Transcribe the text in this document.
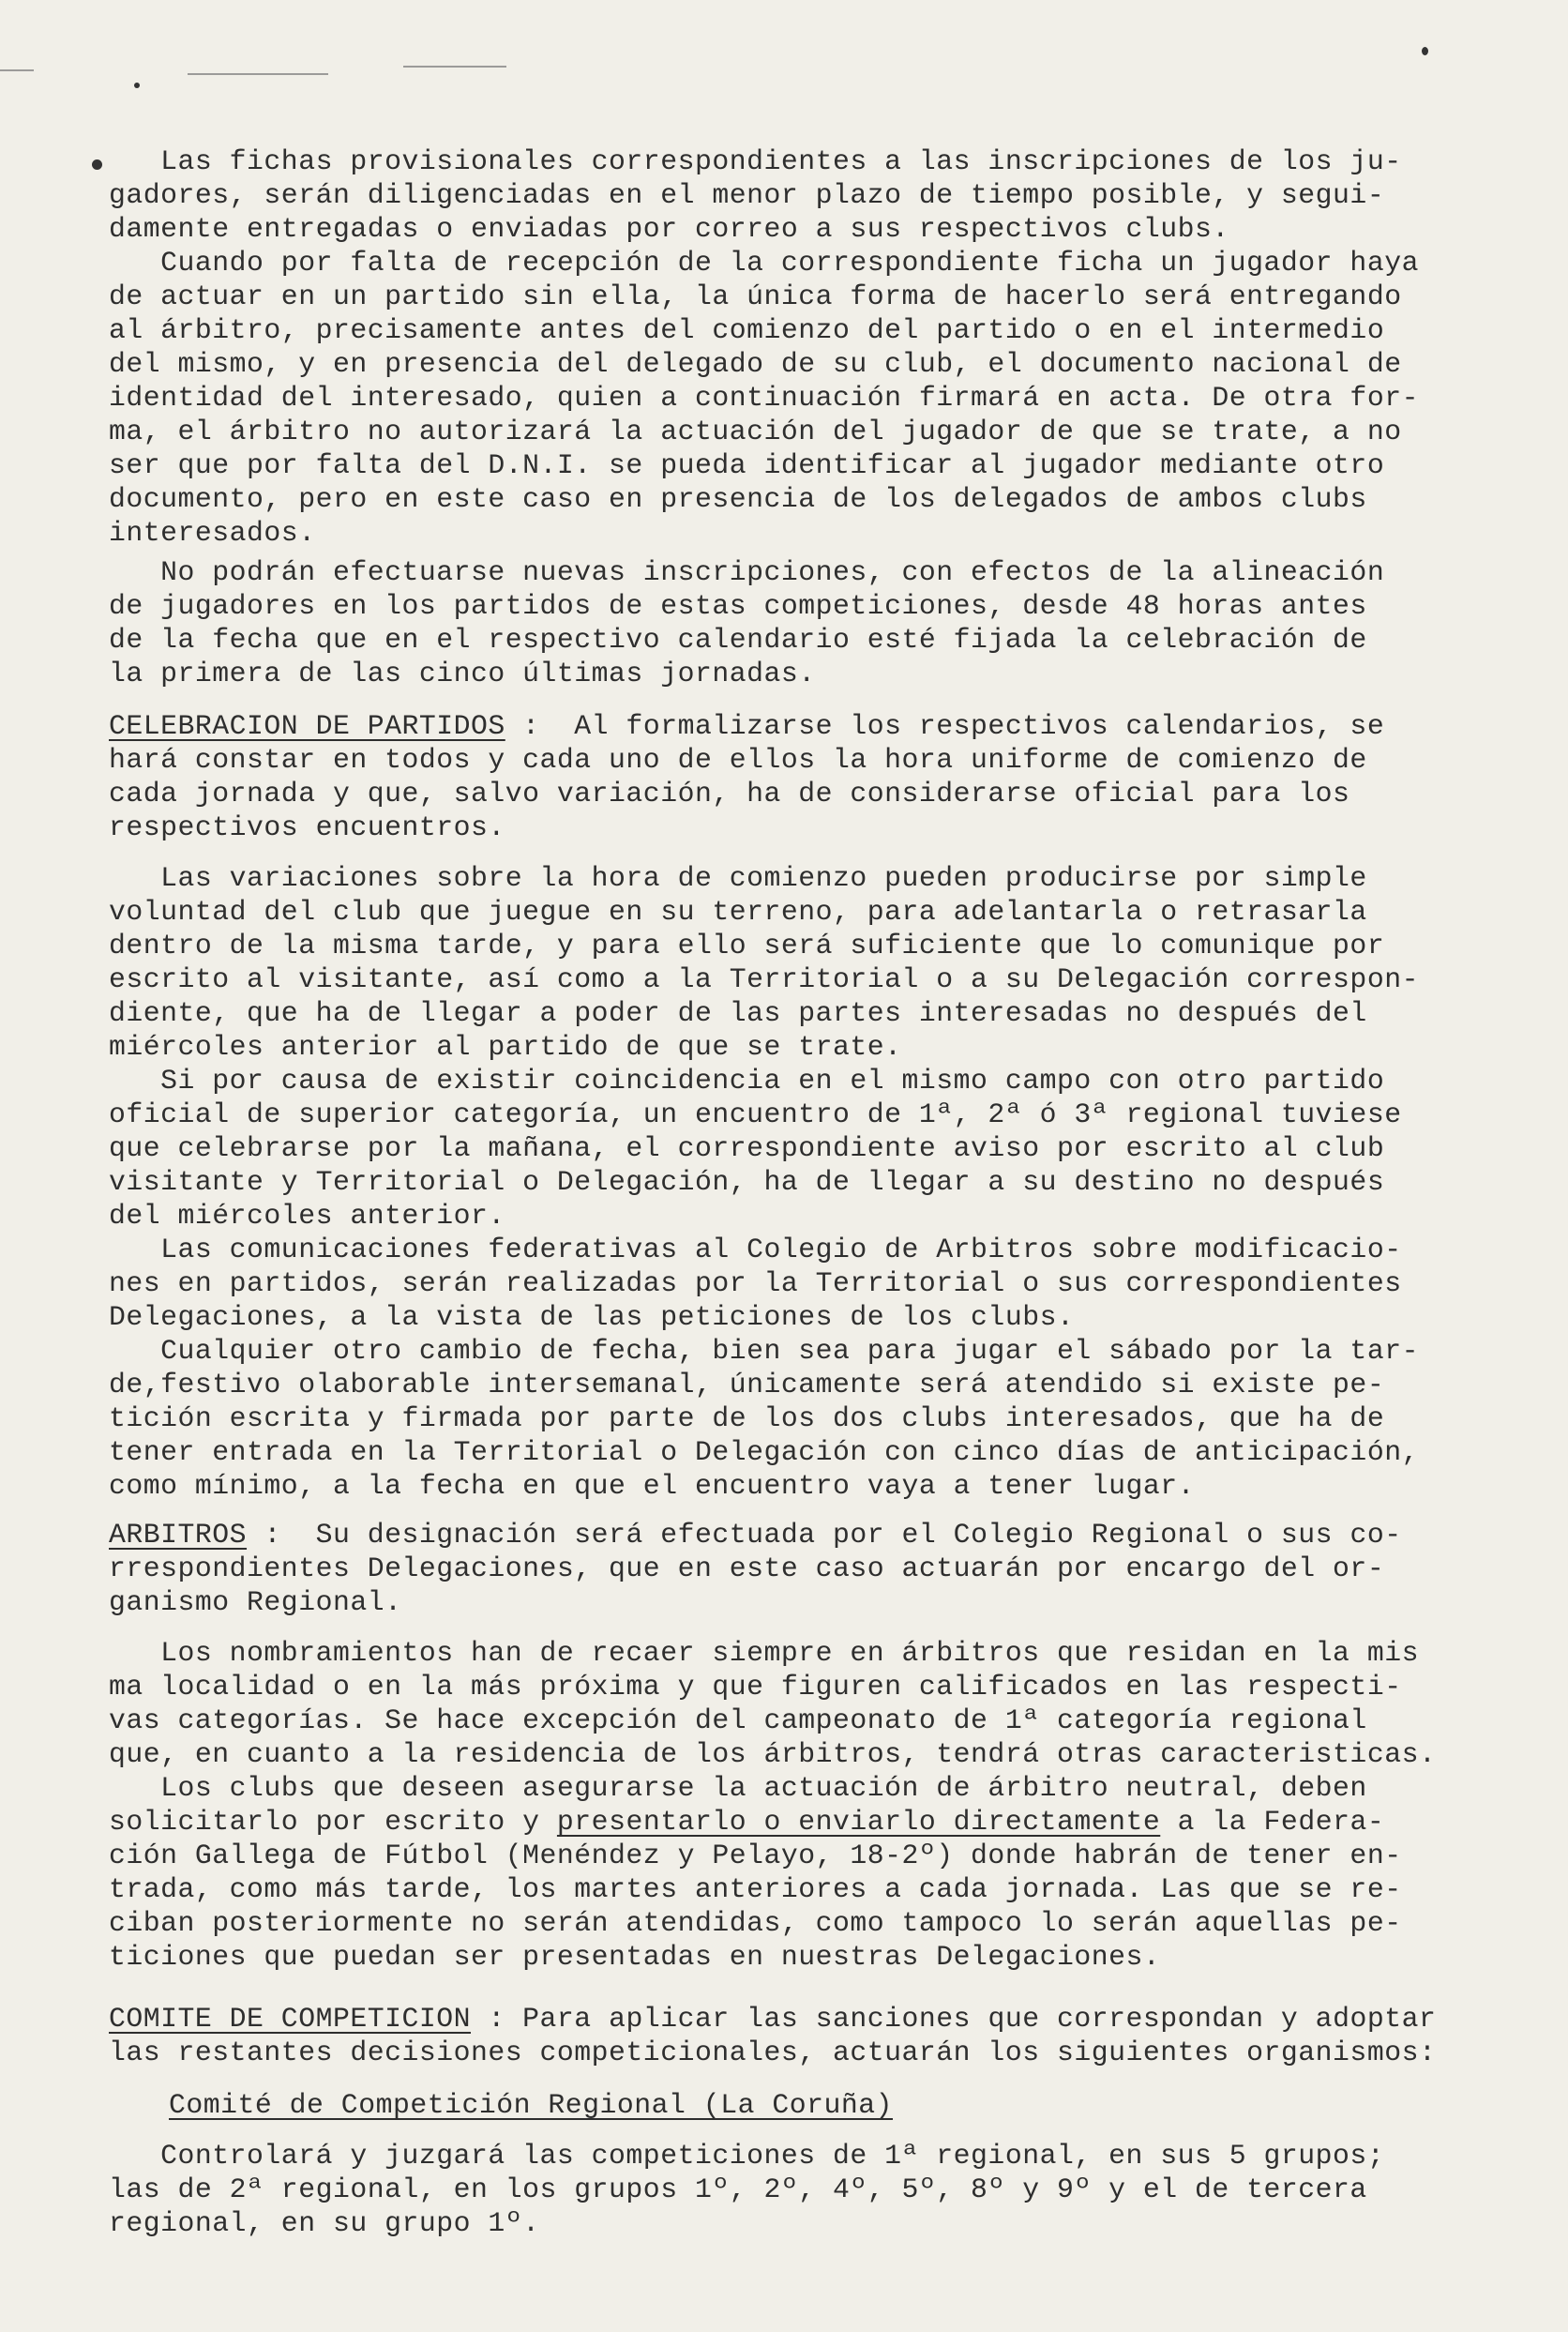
Las fichas provisionales correspondientes a las inscripciones de los ju-
gadores, serán diligenciadas en el menor plazo de tiempo posible, y segui-
damente entregadas o enviadas por correo a sus respectivos clubs.
Cuando por falta de recepción de la correspondiente ficha un jugador haya
de actuar en un partido sin ella, la única forma de hacerlo será entregando
al árbitro, precisamente antes del comienzo del partido o en el intermedio
del mismo, y en presencia del delegado de su club, el documento nacional de
identidad del interesado, quien a continuación firmará en acta. De otra for-
ma, el árbitro no autorizará la actuación del jugador de que se trate, a no
ser que por falta del D.N.I. se pueda identificar al jugador mediante otro
documento, pero en este caso en presencia de los delegados de ambos clubs
interesados.
No podrán efectuarse nuevas inscripciones, con efectos de la alineación
de jugadores en los partidos de estas competiciones, desde 48 horas antes
de la fecha que en el respectivo calendario esté fijada la celebración de
la primera de las cinco últimas jornadas.
CELEBRACION DE PARTIDOS :  Al formalizarse los respectivos calendarios, se
hará constar en todos y cada uno de ellos la hora uniforme de comienzo de
cada jornada y que, salvo variación, ha de considerarse oficial para los
respectivos encuentros.
Las variaciones sobre la hora de comienzo pueden producirse por simple
voluntad del club que juegue en su terreno, para adelantarla o retrasarla
dentro de la misma tarde, y para ello será suficiente que lo comunique por
escrito al visitante, así como a la Territorial o a su Delegación correspon-
diente, que ha de llegar a poder de las partes interesadas no después del
miércoles anterior al partido de que se trate.
Si por causa de existir coincidencia en el mismo campo con otro partido
oficial de superior categoría, un encuentro de 1ª, 2ª ó 3ª regional tuviese
que celebrarse por la mañana, el correspondiente aviso por escrito al club
visitante y Territorial o Delegación, ha de llegar a su destino no después
del miércoles anterior.
Las comunicaciones federativas al Colegio de Arbitros sobre modificacio-
nes en partidos, serán realizadas por la Territorial o sus correspondientes
Delegaciones, a la vista de las peticiones de los clubs.
Cualquier otro cambio de fecha, bien sea para jugar el sábado por la tar-
de,festivo olaborable intersemanal, únicamente será atendido si existe pe-
tición escrita y firmada por parte de los dos clubs interesados, que ha de
tener entrada en la Territorial o Delegación con cinco días de anticipación,
como mínimo, a la fecha en que el encuentro vaya a tener lugar.
ARBITROS :  Su designación será efectuada por el Colegio Regional o sus co-
rrespondientes Delegaciones, que en este caso actuarán por encargo del or-
ganismo Regional.
Los nombramientos han de recaer siempre en árbitros que residan en la mis
ma localidad o en la más próxima y que figuren calificados en las respecti-
vas categorías. Se hace excepción del campeonato de 1ª categoría regional
que, en cuanto a la residencia de los árbitros, tendrá otras caracteristicas.
Los clubs que deseen asegurarse la actuación de árbitro neutral, deben
solicitarlo por escrito y presentarlo o enviarlo directamente a la Federa-
ción Gallega de Fútbol (Menéndez y Pelayo, 18-2º) donde habrán de tener en-
trada, como más tarde, los martes anteriores a cada jornada. Las que se re-
ciban posteriormente no serán atendidas, como tampoco lo serán aquellas pe-
ticiones que puedan ser presentadas en nuestras Delegaciones.
COMITE DE COMPETICION : Para aplicar las sanciones que correspondan y adoptar
las restantes decisiones competicionales, actuarán los siguientes organismos:
Comité de Competición Regional (La Coruña)
Controlará y juzgará las competiciones de 1ª regional, en sus 5 grupos;
las de 2ª regional, en los grupos 1º, 2º, 4º, 5º, 8º y 9º y el de tercera
regional, en su grupo 1º.
